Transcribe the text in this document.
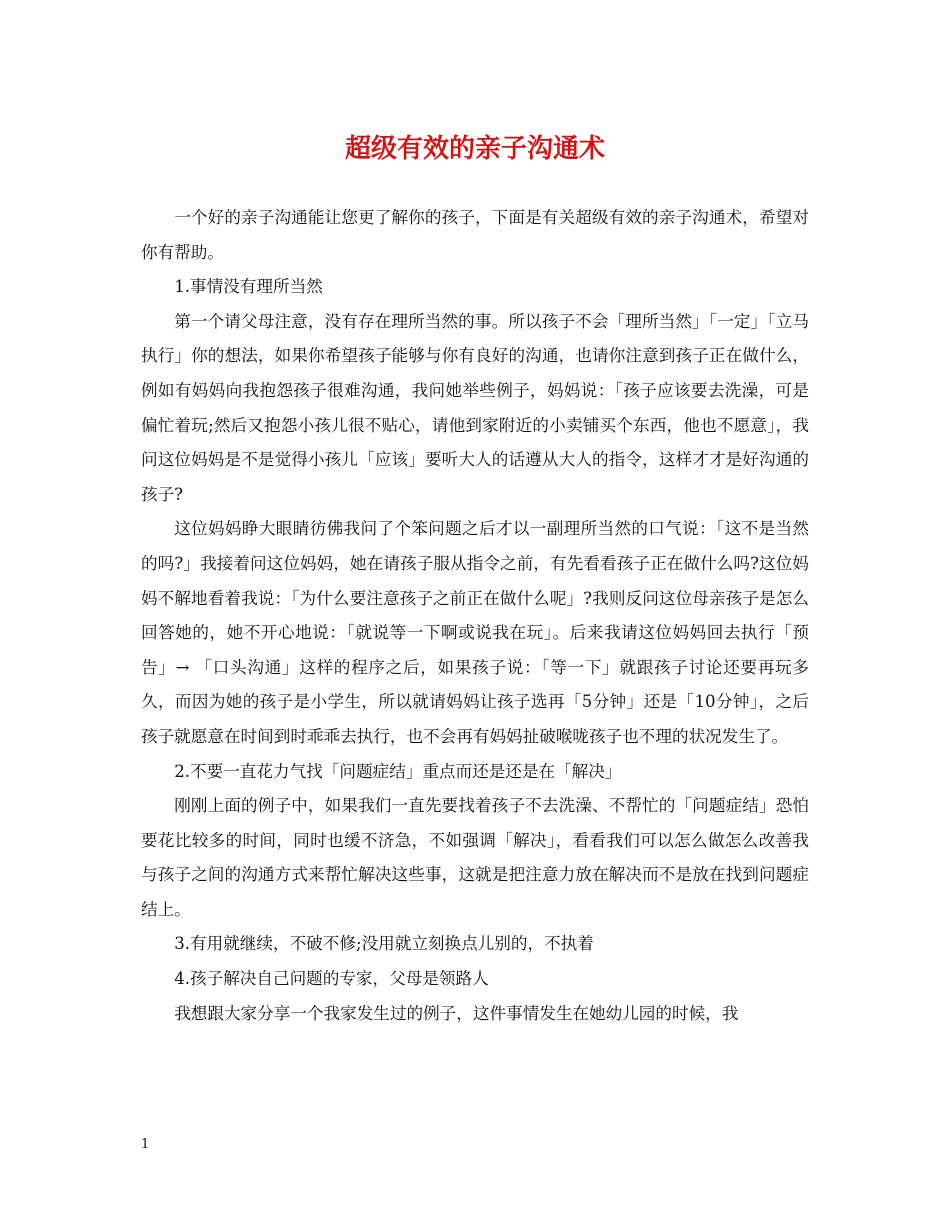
超级有效的亲子沟通术

一个好的亲子沟通能让您更了解你的孩子，下面是有关超级有效的亲子沟通术，希望对你有帮助。

1.事情没有理所当然

第一个请父母注意，没有存在理所当然的事。所以孩子不会「理所当然」「一定」「立马执行」你的想法，如果你希望孩子能够与你有良好的沟通，也请你注意到孩子正在做什么，例如有妈妈向我抱怨孩子很难沟通，我问她举些例子，妈妈说：「孩子应该要去洗澡，可是偏忙着玩;然后又抱怨小孩儿很不贴心，请他到家附近的小卖铺买个东西，他也不愿意」，我问这位妈妈是不是觉得小孩儿「应该」要听大人的话遵从大人的指令，这样才才是好沟通的孩子?

这位妈妈睁大眼睛彷佛我问了个笨问题之后才以一副理所当然的口气说：「这不是当然的吗?」我接着问这位妈妈，她在请孩子服从指令之前，有先看看孩子正在做什么吗?这位妈妈不解地看着我说：「为什么要注意孩子之前正在做什么呢」?我则反问这位母亲孩子是怎么回答她的，她不开心地说：「就说等一下啊或说我在玩」。后来我请这位妈妈回去执行「预告」→ 「口头沟通」这样的程序之后，如果孩子说：「等一下」就跟孩子讨论还要再玩多久，而因为她的孩子是小学生，所以就请妈妈让孩子选再「5分钟」还是「10分钟」，之后孩子就愿意在时间到时乖乖去执行，也不会再有妈妈扯破喉咙孩子也不理的状况发生了。

2.不要一直花力气找「问题症结」重点而还是还是在「解决」

刚刚上面的例子中，如果我们一直先要找着孩子不去洗澡、不帮忙的「问题症结」恐怕要花比较多的时间，同时也缓不济急，不如强调「解决」，看看我们可以怎么做怎么改善我与孩子之间的沟通方式来帮忙解决这些事，这就是把注意力放在解决而不是放在找到问题症结上。

3.有用就继续，不破不修;没用就立刻换点儿别的，不执着

4.孩子解决自己问题的专家，父母是领路人

我想跟大家分享一个我家发生过的例子，这件事情发生在她幼儿园的时候，我

1
